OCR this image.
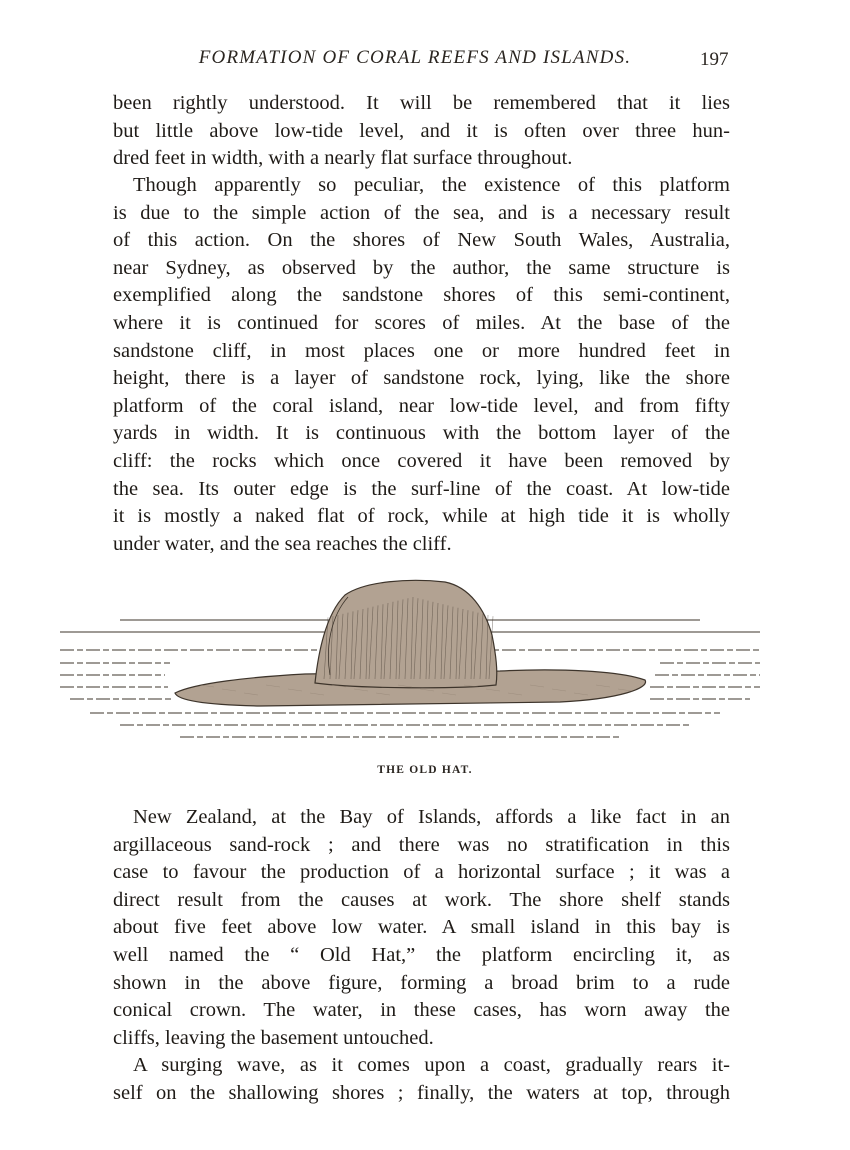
FORMATION OF CORAL REEFS AND ISLANDS.	197
been rightly understood. It will be remembered that it lies
but little above low-tide level, and it is often over three hun-
dred feet in width, with a nearly flat surface throughout.
Though apparently so peculiar, the existence of this platform
is due to the simple action of the sea, and is a necessary result
of this action. On the shores of New South Wales, Australia,
near Sydney, as observed by the author, the same structure is
exemplified along the sandstone shores of this semi-continent,
where it is continued for scores of miles. At the base of the
sandstone cliff, in most places one or more hundred feet in
height, there is a layer of sandstone rock, lying, like the shore
platform of the coral island, near low-tide level, and from fifty
yards in width. It is continuous with the bottom layer of the
cliff: the rocks which once covered it have been removed by
the sea. Its outer edge is the surf-line of the coast. At low-tide
it is mostly a naked flat of rock, while at high tide it is wholly
under water, and the sea reaches the cliff.
THE OLD HAT.
New Zealand, at the Bay of Islands, affords a like fact in an
argillaceous sand-rock ; and there was no stratification in this
case to favour the production of a horizontal surface ; it was a
direct result from the causes at work. The shore shelf stands
about five feet above low water. A small island in this bay is
well named the “ Old Hat,” the platform encircling it, as
shown in the above figure, forming a broad brim to a rude
conical crown. The water, in these cases, has worn away the
cliffs, leaving the basement untouched.
A surging wave, as it comes upon a coast, gradually rears it-
self on the shallowing shores ; finally, the waters at top, through
